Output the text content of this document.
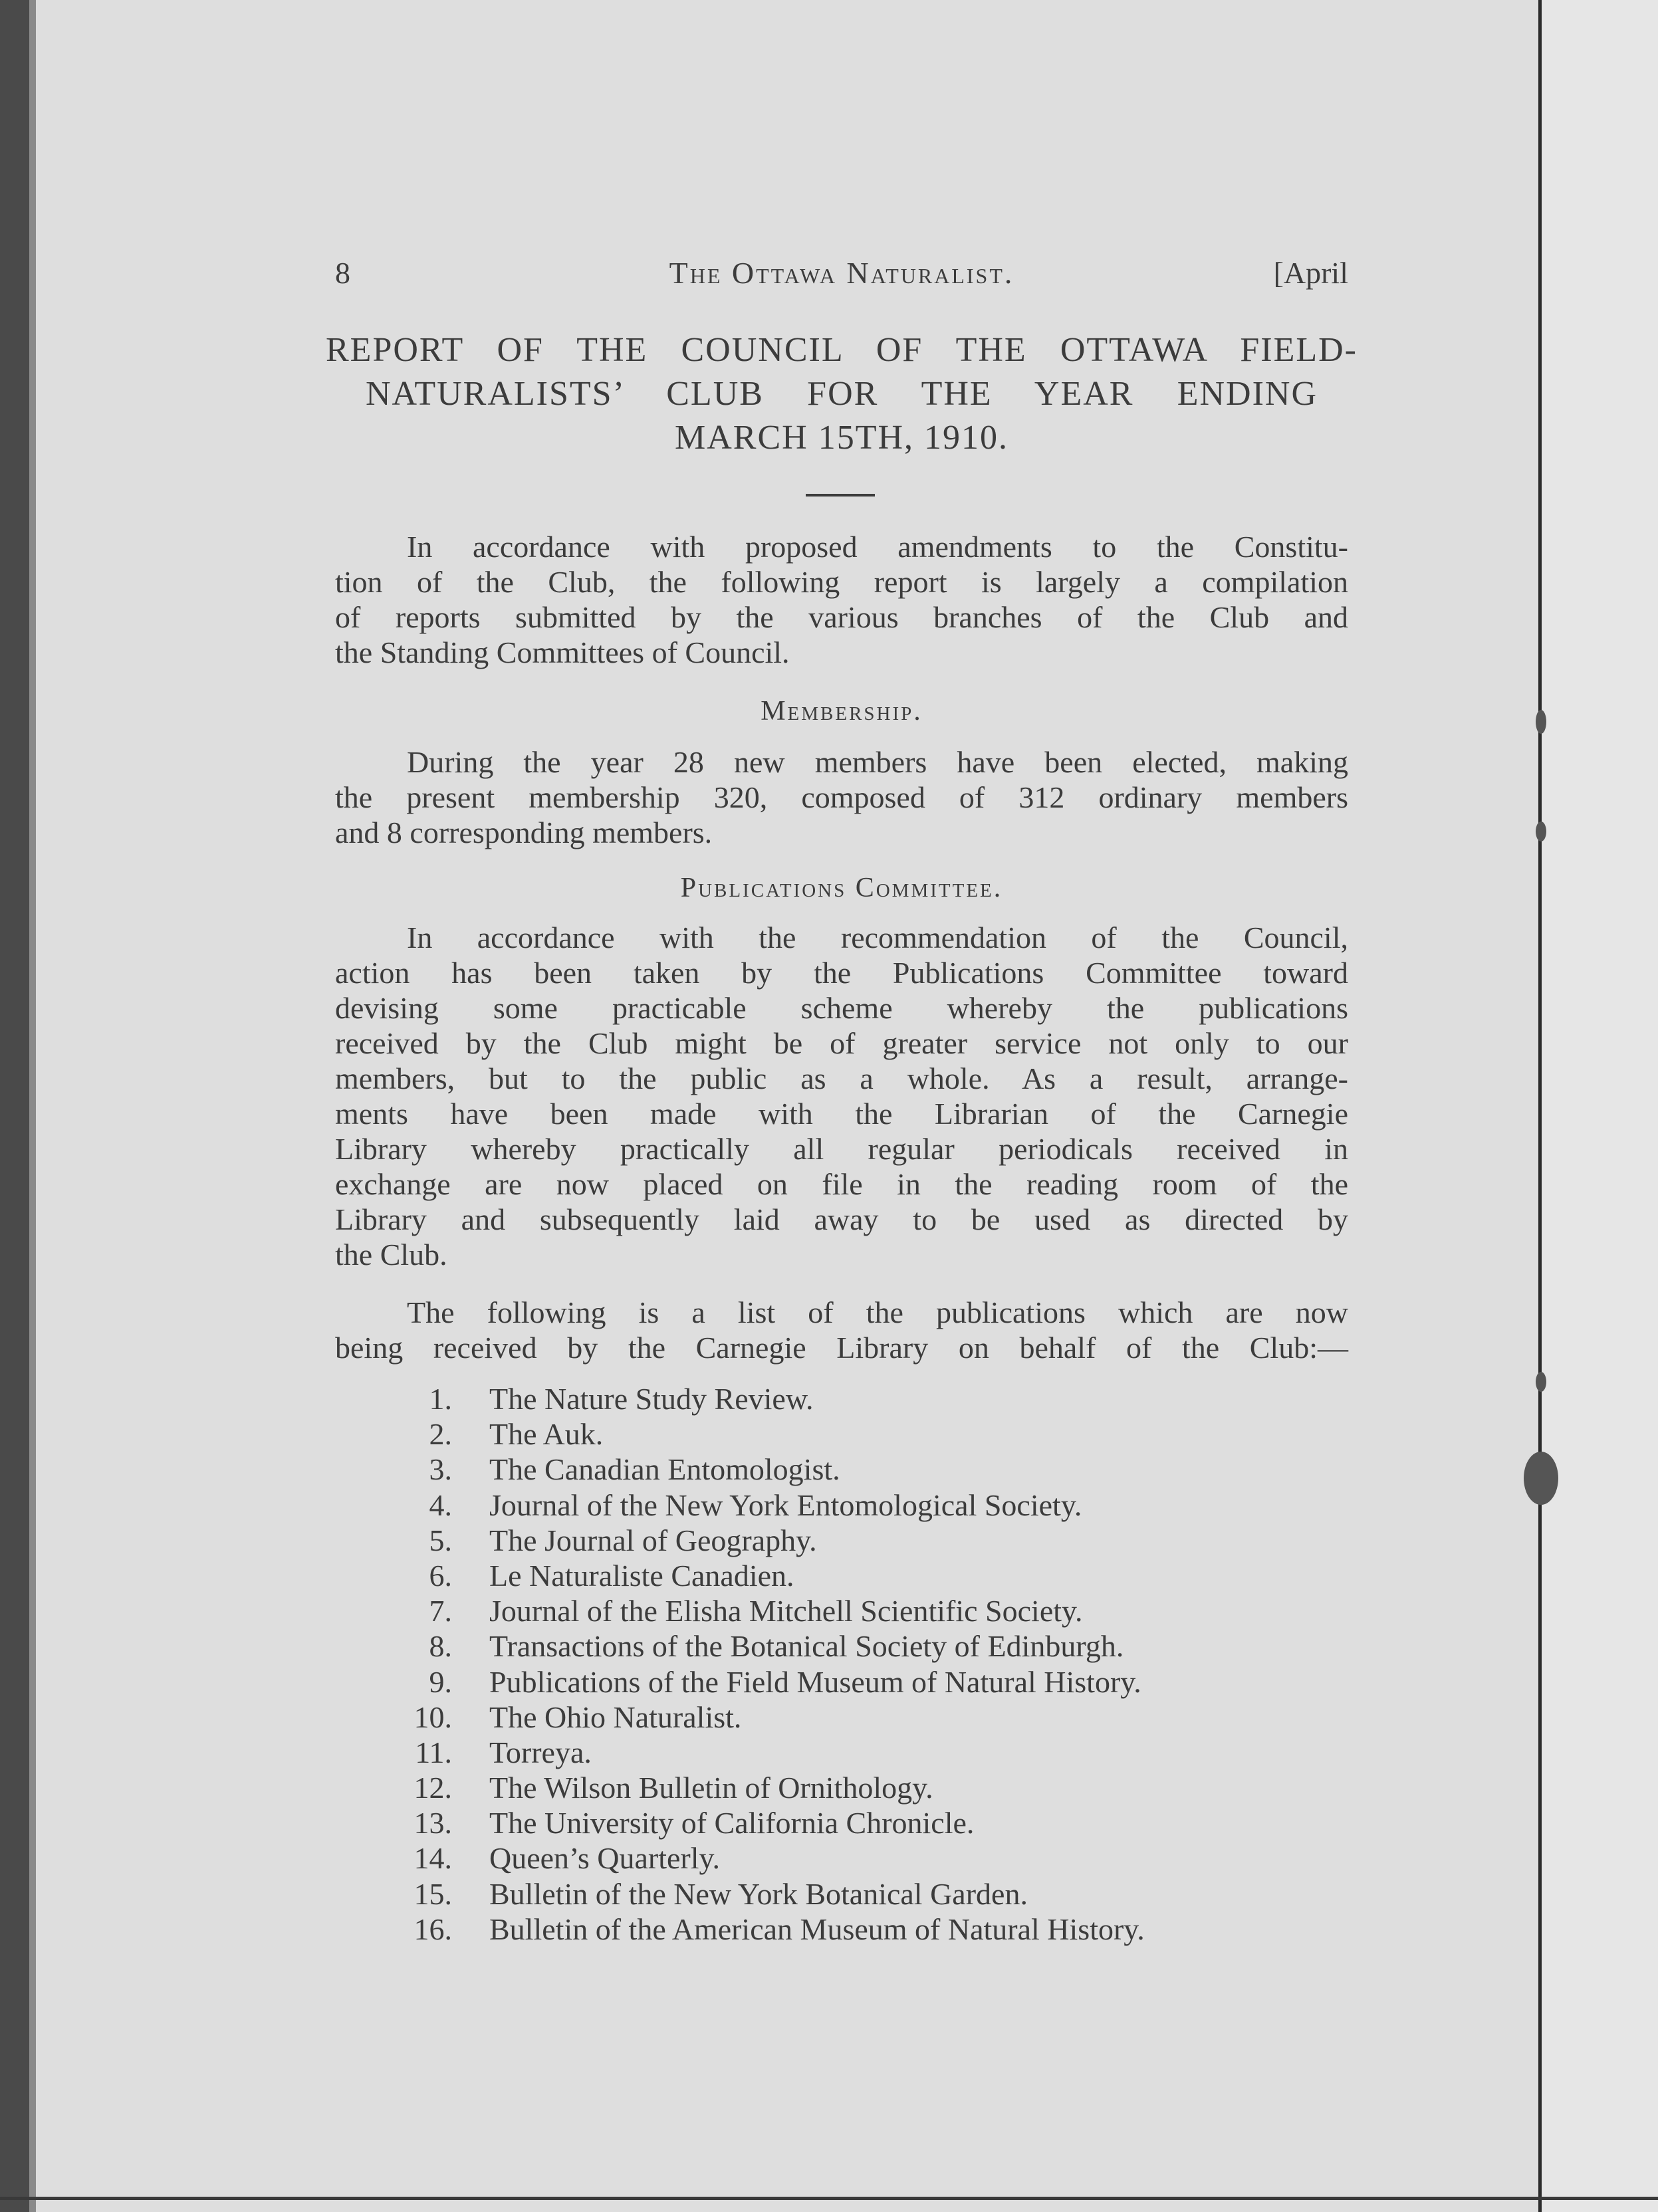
8	The Ottawa Naturalist.	[April
REPORT OF THE COUNCIL OF THE OTTAWA FIELD-
NATURALISTS’ CLUB FOR THE YEAR ENDING
MARCH 15TH, 1910.

In accordance with proposed amendments to the Constitu-
tion of the Club, the following report is largely a compilation
of reports submitted by the various branches of the Club and
the Standing Committees of Council.

Membership.

During the year 28 new members have been elected, making
the present membership 320, composed of 312 ordinary members
and 8 corresponding members.

Publications Committee.

In accordance with the recommendation of the Council,
action has been taken by the Publications Committee toward
devising some practicable scheme whereby the publications
received by the Club might be of greater service not only to our
members, but to the public as a whole. As a result, arrange-
ments have been made with the Librarian of the Carnegie
Library whereby practically all regular periodicals received in
exchange are now placed on file in the reading room of the
Library and subsequently laid away to be used as directed by
the Club.

The following is a list of the publications which are now
being received by the Carnegie Library on behalf of the Club:—

1. The Nature Study Review.
2. The Auk.
3. The Canadian Entomologist.
4. Journal of the New York Entomological Society.
5. The Journal of Geography.
6. Le Naturaliste Canadien.
7. Journal of the Elisha Mitchell Scientific Society.
8. Transactions of the Botanical Society of Edinburgh.
9. Publications of the Field Museum of Natural History.
10. The Ohio Naturalist.
11. Torreya.
12. The Wilson Bulletin of Ornithology.
13. The University of California Chronicle.
14. Queen’s Quarterly.
15. Bulletin of the New York Botanical Garden.
16. Bulletin of the American Museum of Natural History.
